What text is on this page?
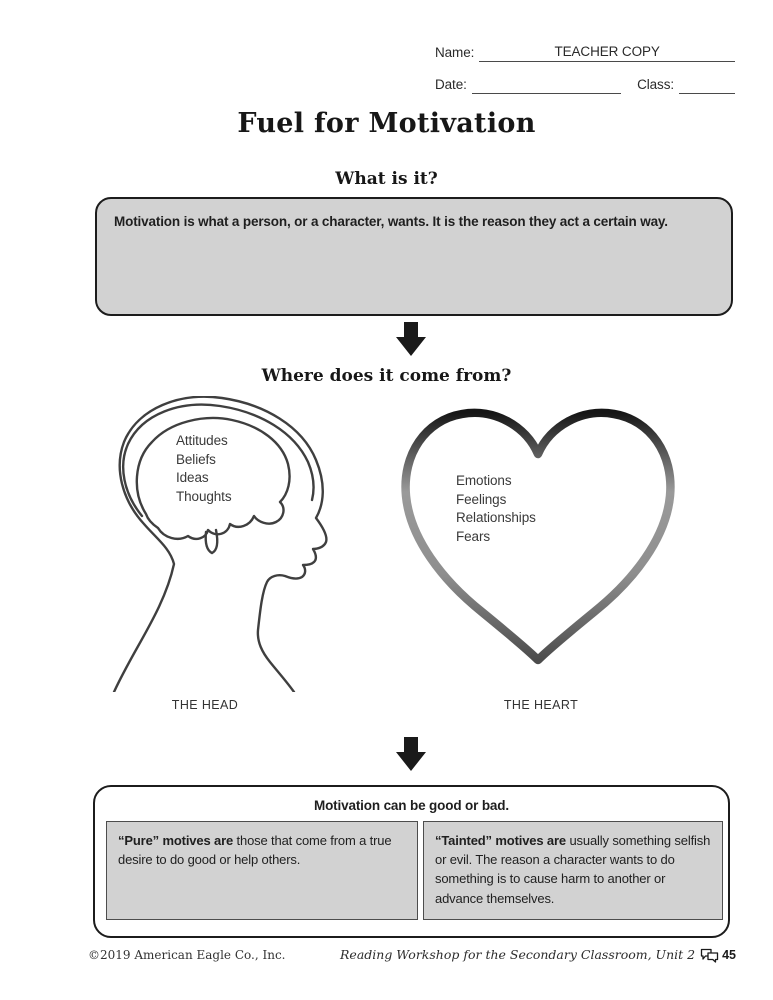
Name:	TEACHER COPY
Date:	Class:
Fuel for Motivation
What is it?
Motivation is what a person, or a character, wants. It is the reason they act a certain way.
Where does it come from?
Attitudes
Beliefs
Ideas
Thoughts
Emotions
Feelings
Relationships
Fears
THE HEAD	THE HEART
Motivation can be good or bad.
“Pure” motives are those that come from a true desire to do good or help others.
“Tainted” motives are usually something selfish or evil. The reason a character wants to do something is to cause harm to another or advance themselves.
©2019 American Eagle Co., Inc.	Reading Workshop for the Secondary Classroom, Unit 2 45
